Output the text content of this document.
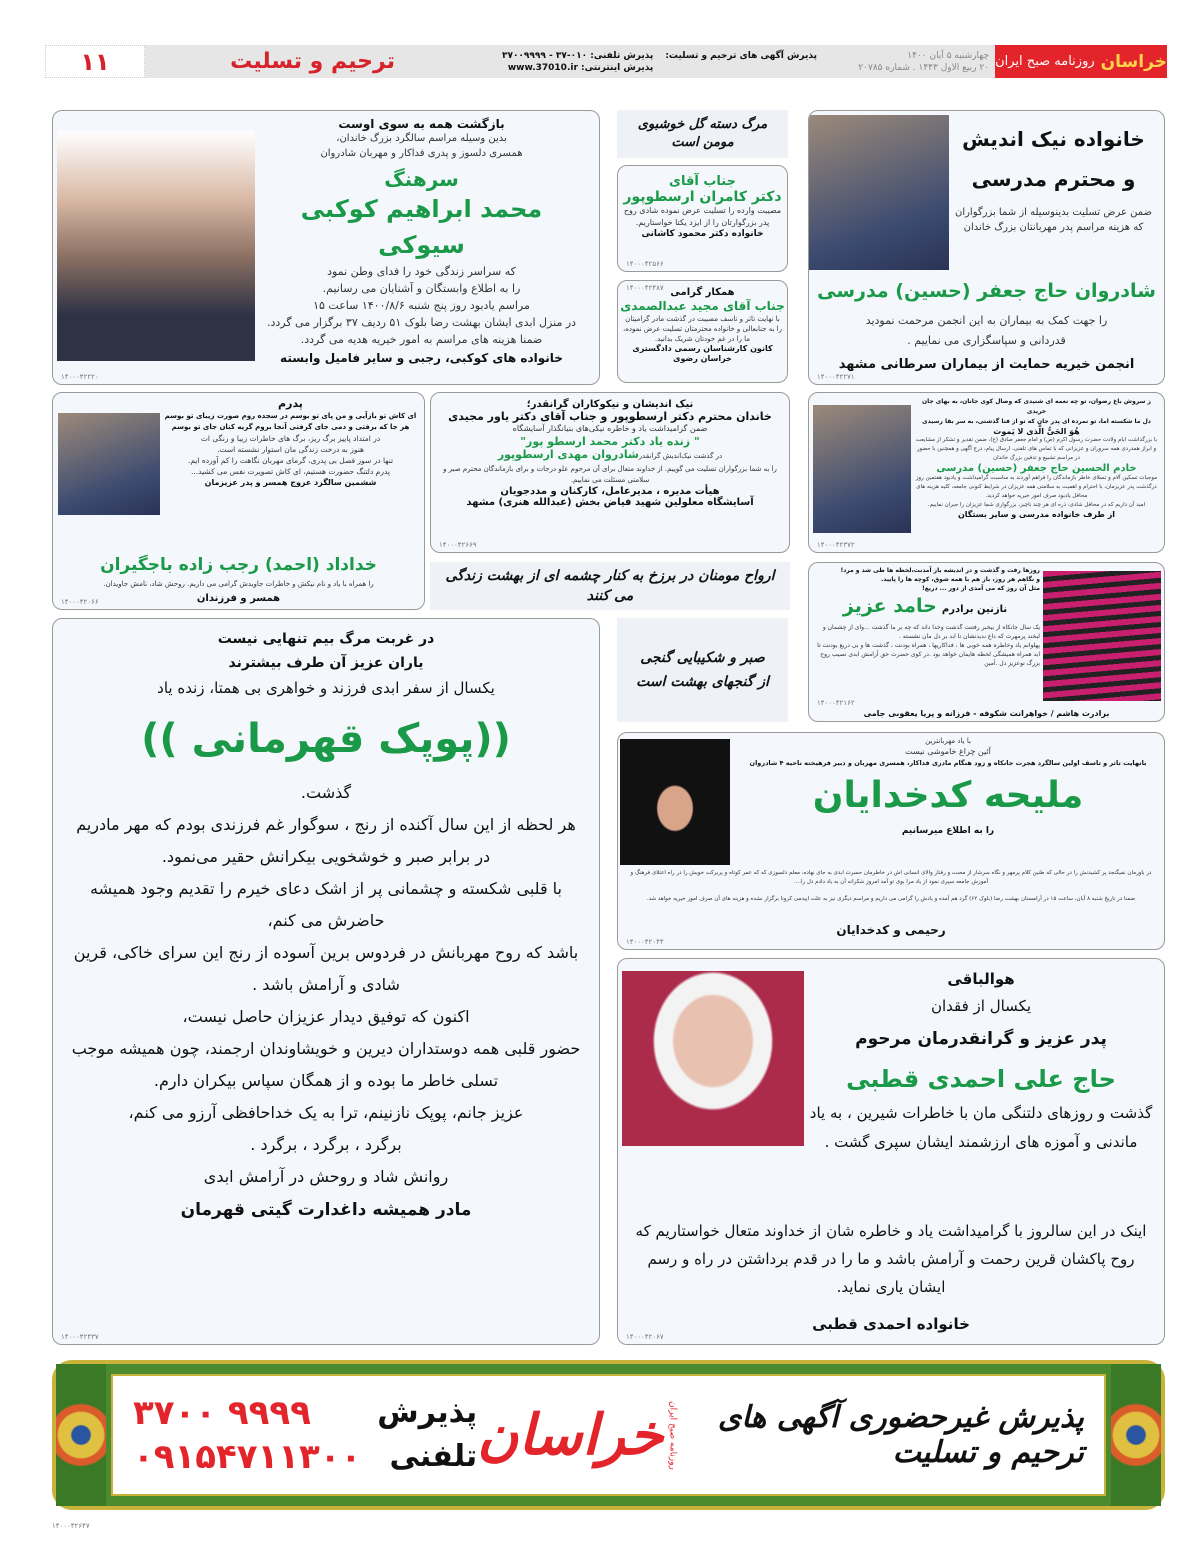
خراسان
روزنامه صبح ایران
چهارشنبه ۵ آبان ۱۴۰۰
۲۰ ربیع الاول ۱۴۴۳ . شماره ۲۰۷۸۵
پذیرش آگهی های ترحیم و تسلیت:
پذیرش تلفنی: ۰۱۰-۳۷ - ۳۷۰۰۹۹۹۹
پذیرش اینترنتی: www.37010.ir
ترحیم و تسلیت
۱۱
خانواده نیک اندیش
و محترم مدرسی
ضمن عرض تسلیت بدینوسیله از شما بزرگواران
که هزینه مراسم پدر مهربانتان بزرگ خاندان
شادروان حاج جعفر (حسین) مدرسی
را جهت کمک به بیماران به این انجمن مرحمت نمودید
قدردانی و سپاسگزاری می نماییم .
انجمن خیریه حمایت از بیماران سرطانی مشهد
۱۴۰۰۰۴۲۲۷۱
مرگ دسته گل خوشبوی مومن است
جناب آقای
دکتر کامران ارسطوپور
مصیبت وارده را تسلیت عرض نموده شادی روح
پدر بزرگوارتان را از ایزد یکتا خواستاریم.
خانواده دکتر محمود کاشانی
۱۴۰۰۰۴۲۵۶۶
همکار گرامی
جناب آقای مجید عبدالصمدی
با نهایت تاثر و تاسف مصیبت در گذشت مادر گرامیتان
را به جنابعالی و خانواده محترمتان تسلیت عرض نموده،
ما را در غم خودتان شریک بدانید.
کانون کارشناسان رسمی دادگستری خراسان رضوی
۱۴۰۰۰۴۲۴۸۷
بازگشت همه به سوی اوست
بدین وسیله مراسم سالگرد بزرگ خاندان،
همسری دلسوز و پدری فداکار و مهربان شادروان
سرهنگ
محمد ابراهیم کوکبی سیوکی
که سراسر زندگی خود را فدای وطن نمود
را به اطلاع وابستگان و آشنایان می رسانیم.
مراسم یادبود روز پنج شنبه ۱۴۰۰/۸/۶ ساعت ۱۵
در منزل ابدی ایشان بهشت رضا بلوک ۵۱ ردیف ۳۷ برگزار می گردد.
ضمنا هزینه های مراسم به امور خیریه هدیه می گردد.
خانواده های کوکبی، رجبی و سایر فامیل وابسته
۱۴۰۰۰۴۲۲۲۰
پدرم
ای کاش تو بازآیی و من پای تو بوسم در سجده روم صورت زیبای تو بوسم
هر جا که برفتی و دمی جای گرفتی آنجا بروم گریه کنان جای تو بوسم
در امتداد پاییز برگ ریز، برگ های خاطرات زیبا و رنگی ات
هنوز به درخت زندگی مان استوار نشسته است.
تنها در سوز فصل بی پدری، گرمای مهربان نگاهت را کم آورده ایم.
پدرم دلتنگ حضورت هستیم، ای کاش تصویرت نفس می کشید...
ششمین سالگرد عروج همسر و پدر عزیزمان
خداداد (احمد) رجب زاده باجگیران
را همراه با یاد و نام نیکش و خاطرات جاویدش گرامی می داریم. روحش شاد، نامش جاویدان.
همسر و فرزندان
۱۴۰۰۰۴۲۰۶۶
نیک اندیشان و نیکوکاران گرانقدر؛
خاندان محترم دکتر ارسطوپور و جناب آقای دکتر یاور مجیدی
ضمن گرامیداشت یاد و خاطره نیکی‌های بنیانگذار آسایشگاه
" زنده یاد دکتر محمد ارسطو پور"
در گذشت نیک‌اندیش گرانقدرشادروان مهدی ارسطوپور
را به شما بزرگواران تسلیت می گوییم. از خداوند متعال برای آن مرحوم علو درجات و برای بازماندگان محترم صبر و سلامتی مسئلت می نماییم.
هیأت مدیره ، مدیرعامل، کارکنان و مددجویان
آسایشگاه معلولین شهید فیاض بخش (عبدالله هنری) مشهد
۱۴۰۰۰۴۲۶۶۹
ارواح مومنان در برزخ به کنار چشمه ای از بهشت زندگی می کنند
ز سروش باغ رضوان، تو چه نغمه ای شنیدی که وصال کوی جانان، به بهای جان خریدی
دل ما شکسته اما، تو نمرده ای پدر جان که تو از فنا گذشتی، به سر بقا رسیدی
هُوَ الحَیُّ الَّذی لا یَموت
با بزرگداشت ایام ولادت حضرت رسول اکرم (ص) و امام جعفر صادق (ع)، ضمن تقدیر و تشکر از مشایعت و ابراز همدردی همه سروران و عزیزانی که با تماس های تلفنی، ارسال پیام، درج آگهی و همچنین با حضور در مراسم تشییع و تدفین بزرگ خاندان
خادم الحسین حاج جعفر (حسین) مدرسی
موجبات تسکین آلام و تسلای خاطر بازماندگان را فراهم آوردند به مناسبت گرامیداشت و یادبود هفتمین روز درگذشت پدر عزیزمان، با احترام و اهمیت به سلامتی همه عزیزان در شرایط کنونی جامعه، کلیه هزینه های محافل یادبود صرف امور خیریه خواهد کردید.
امید آن داریم که در محافل شادی، ذره ای هر چند ناچیز، بزرگواری شما عزیزان را جبران نماییم.
از طرف خانواده مدرسی و سایر بستگان
۱۴۰۰۰۴۲۳۷۲
روزها رفت و گذشت و در اندیشه باز آمدنت،لحظه ها طی شد و مرد!
و نگاهم هر روز، باز هم با همه شوق، کوچه ها را پایید.
مثل آن روز که می آمدی از دور ... دریغ!
نازنین برادرم حامد عزیز
یک سال جانکاه از بیخبر رفتنت گذشت وخدا داند که چه بر ما گذشت ...وای از چشمان و لبخند پرمهرت که داغ ندیدنشان تا ابد بر دل مان نشسته .
پهلوانم یاد وخاطره همه خوبی ها ، فداکاریها ، همراه بودنت ، گذشت ها و بی دریغ بودنت تا ابد همراه همیشگی لحظه هایمان خواهد بود .در کوی حضرت حق آرامش ابدی نصیب روح بزرگ توعزیز دل .آمین
برادرت هاشم / خواهرانت شکوفه - فرزانه و پریا یعقوبی جامی
۱۴۰۰۰۴۲۱۶۲
صبر و شکیبایی گنجی
از گنجهای بهشت است
در غربت مرگ بیم تنهایی نیست
یاران عزیز آن طرف بیشترند
یکسال از سفر ابدی فرزند و خواهری بی همتا، زنده یاد
((پوپک قهرمانی ))
گذشت.
هر لحظه از این سال آکنده از رنج ، سوگوار غم فرزندی بودم که مهر مادریم در برابر صبر و خوشخویی بیکرانش حقیر می‌نمود.
با قلبی شکسته و چشمانی پر از اشک دعای خیرم را تقدیم وجود همیشه حاضرش می کنم،
باشد که روح مهربانش در فردوس برین آسوده از رنج این سرای خاکی، قرین شادی و آرامش باشد .
اکنون که توفیق دیدار عزیزان حاصل نیست،
حضور قلبی همه دوستداران دیرین و خویشاوندان ارجمند، چون همیشه موجب تسلی خاطر ما بوده و از همگان سپاس بیکران دارم.
عزیز جانم، پوپک نازنینم، ترا به یک خداحافظی آرزو می کنم،
برگرد ، برگرد ، برگرد .
روانش شاد و روحش در آرامش ابدی
مادر همیشه داغدارت گیتی قهرمان
۱۴۰۰۰۴۲۴۳۷
با یاد مهربانترین
آئین چراغ خاموشی نیست
بانهایت تاثر و تاسف اولین سالگرد هجرت جانکاه و زود هنگام مادری فداکار، همسری مهربان و دبیر فرهیخته ناحیه ۴ شادروان
ملیحه کدخدایان
را به اطلاع میرسانیم
در باورمان نمیگنجد پر کشیدنش را در حالی که طنین کلام پرمهر و نگاه سرشار از محبت و رفتار والای انسانی اش در خاطرمان حسرت ابدی به جای نهاده، معلم دلسوزی که که عمر کوتاه و پربرکت خویش را در راه اعتلای فرهنگ و آموزش جامعه سپری نمود از یاد مرا بوی تو آمد امروز شکرانه آن به یاد دادم دل را....
ضمنا در تاریخ شنبه ۸ آبان، ساعت ۱۵ در آرامستان بهشت رضا (بلوک ۶۲) گرد هم آمده و یادش را گرامی می داریم و مراسم دیگری نیز به علت اپیدمی کرونا برگزار نشده و هزینه های آن صرف امور خیریه خواهد شد.
رحیمی و کدخدایان
۱۴۰۰۰۴۲۰۴۴
هوالباقی
یکسال از فقدان
پدر عزیز و گرانقدرمان مرحوم
حاج علی احمدی قطبی
گذشت و روزهای دلتنگی مان با خاطرات شیرین ، به یاد ماندنی و آموزه های ارزشمند ایشان سپری گشت .
اینک در این سالروز با گرامیداشت یاد و خاطره شان از خداوند متعال خواستاریم که روح پاکشان قرین رحمت و آرامش باشد و ما را در قدم برداشتن در راه و رسم ایشان یاری نماید.
خانواده احمدی قطبی
۱۴۰۰۰۴۲۰۶۷
پذیرش غیرحضوری آگهی های ترحیم و تسلیت
روزنامه صبح ایران
خراسان
پذیرش
تلفنی
۳۷۰۰ ۹۹۹۹
۰۹۱۵۴۷۱۱۳۰۰
۱۴۰۰۰۴۲۶۴۷
